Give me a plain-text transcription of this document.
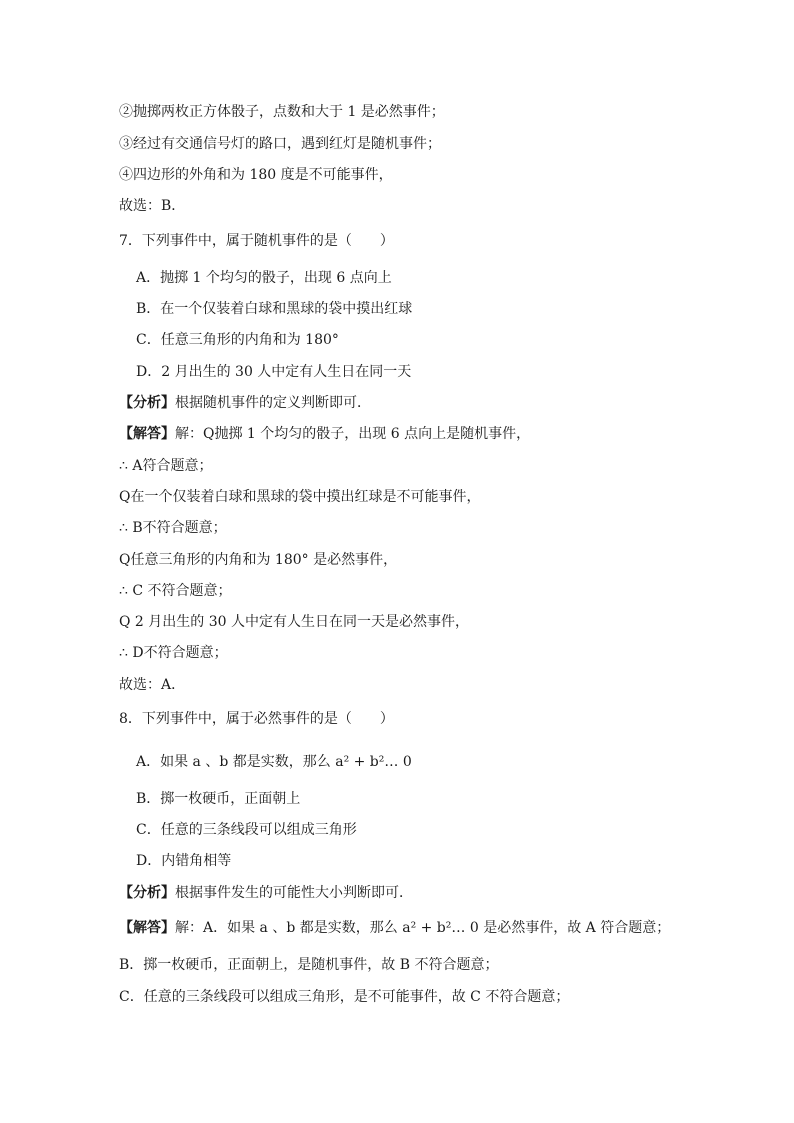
②抛掷两枚正方体骰子，点数和大于 1 是必然事件；
③经过有交通信号灯的路口，遇到红灯是随机事件；
④四边形的外角和为 180 度是不可能事件，
故选：B．
7．下列事件中，属于随机事件的是（　　）
A．抛掷 1 个均匀的骰子，出现 6 点向上
B．在一个仅装着白球和黑球的袋中摸出红球
C．任意三角形的内角和为 180°
D．2 月出生的 30 人中定有人生日在同一天
【分析】根据随机事件的定义判断即可．
【解答】解：Q抛掷 1 个均匀的骰子，出现 6 点向上是随机事件，
∴ A符合题意；
Q在一个仅装着白球和黑球的袋中摸出红球是不可能事件，
∴ B不符合题意；
Q任意三角形的内角和为 180° 是必然事件，
∴ C 不符合题意；
Q 2 月出生的 30 人中定有人生日在同一天是必然事件，
∴ D不符合题意；
故选：A．
8．下列事件中，属于必然事件的是（　　）
A．如果 a 、b 都是实数，那么 a² + b²… 0
B．掷一枚硬币，正面朝上
C．任意的三条线段可以组成三角形
D．内错角相等
【分析】根据事件发生的可能性大小判断即可．
【解答】解：A．如果 a 、b 都是实数，那么 a² + b²… 0 是必然事件，故 A 符合题意；
B．掷一枚硬币，正面朝上，是随机事件，故 B 不符合题意；
C．任意的三条线段可以组成三角形，是不可能事件，故 C 不符合题意；
